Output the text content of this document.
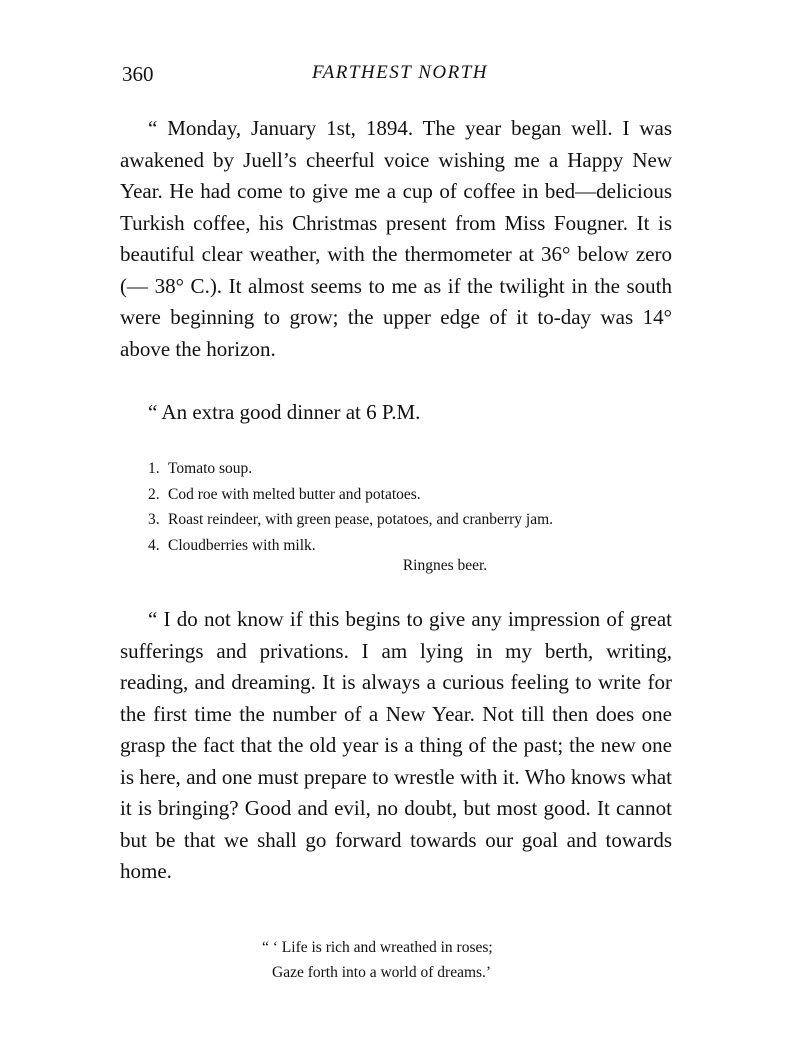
360	FARTHEST NORTH

“ Monday, January 1st, 1894. The year began well. I was awakened by Juell’s cheerful voice wishing me a Happy New Year. He had come to give me a cup of coffee in bed—delicious Turkish coffee, his Christmas present from Miss Fougner. It is beautiful clear weather, with the thermometer at 36° below zero (— 38° C.). It almost seems to me as if the twilight in the south were beginning to grow; the upper edge of it to-day was 14° above the horizon.

“ An extra good dinner at 6 P.M.

1. Tomato soup.
2. Cod roe with melted butter and potatoes.
3. Roast reindeer, with green pease, potatoes, and cranberry jam.
4. Cloudberries with milk.
Ringnes beer.

“ I do not know if this begins to give any impression of great sufferings and privations. I am lying in my berth, writing, reading, and dreaming. It is always a curious feeling to write for the first time the number of a New Year. Not till then does one grasp the fact that the old year is a thing of the past; the new one is here, and one must prepare to wrestle with it. Who knows what it is bringing? Good and evil, no doubt, but most good. It cannot but be that we shall go forward towards our goal and towards home.

“ ‘ Life is rich and wreathed in roses;
Gaze forth into a world of dreams.’
